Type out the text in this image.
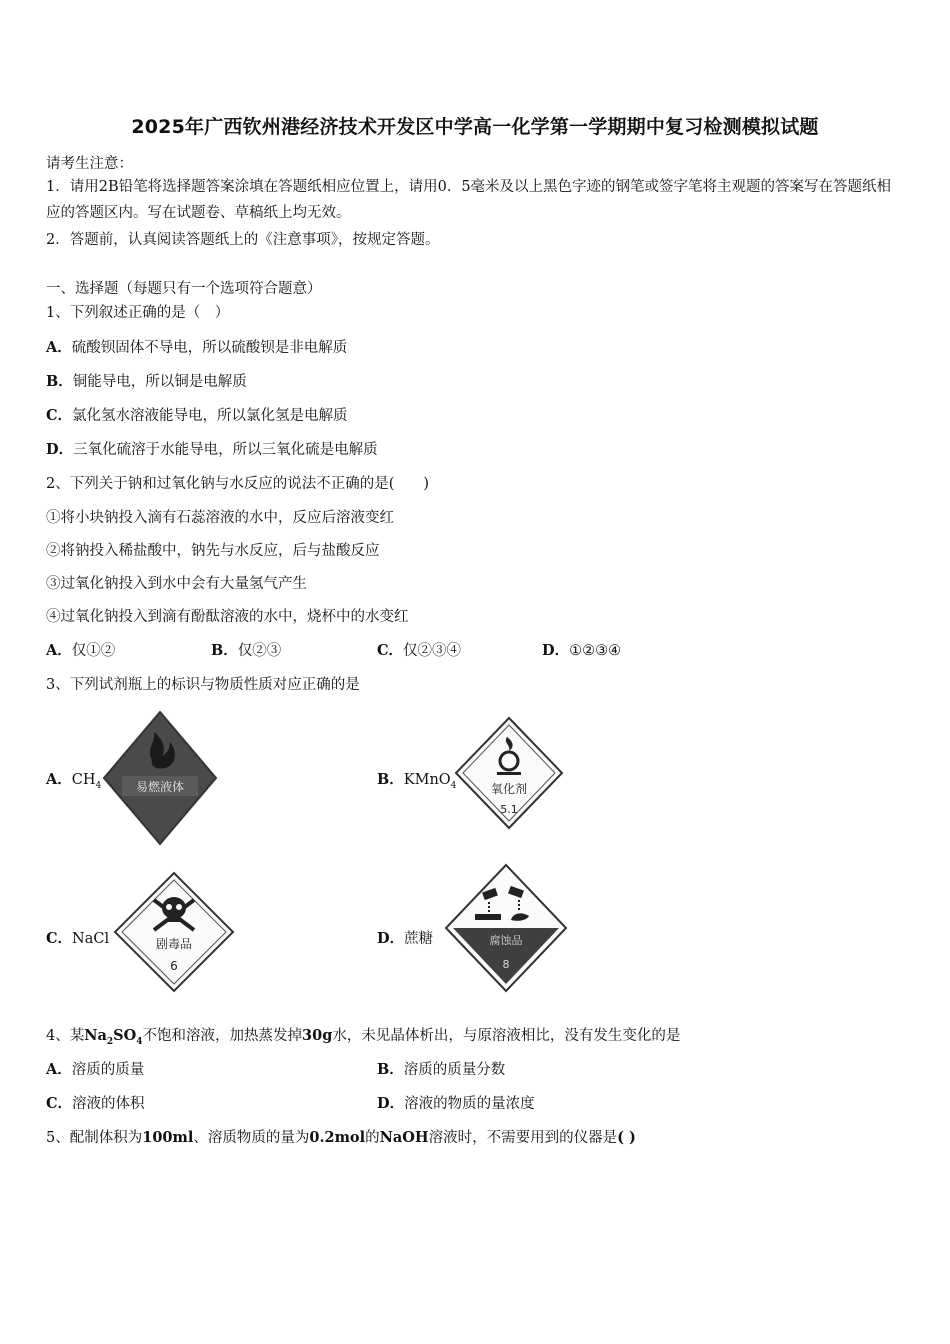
2025年广西钦州港经济技术开发区中学高一化学第一学期期中复习检测模拟试题
请考生注意：
1．请用2B铅笔将选择题答案涂填在答题纸相应位置上，请用0．5毫米及以上黑色字迹的钢笔或签字笔将主观题的答案写在答题纸相应的答题区内。写在试题卷、草稿纸上均无效。
2．答题前，认真阅读答题纸上的《注意事项》，按规定答题。
一、选择题（每题只有一个选项符合题意）
1、下列叙述正确的是（　）
A．硫酸钡固体不导电，所以硫酸钡是非电解质
B．铜能导电，所以铜是电解质
C．氯化氢水溶液能导电，所以氯化氢是电解质
D．三氧化硫溶于水能导电，所以三氧化硫是电解质
2、下列关于钠和过氧化钠与水反应的说法不正确的是(　　)
①将小块钠投入滴有石蕊溶液的水中，反应后溶液变红
②将钠投入稀盐酸中，钠先与水反应，后与盐酸反应
③过氧化钠投入到水中会有大量氢气产生
④过氧化钠投入到滴有酚酞溶液的水中，烧杯中的水变红
A．仅①②	B．仅②③	C．仅②③④	D．①②③④
3、下列试剂瓶上的标识与物质性质对应正确的是
A．$CH_4$	B．KMnO$_4$
C．NaCl	D．蔗糖
易燃液体	氧化剂
5.1
剧毒品
6
腐蚀品
8
4、某$Na_2SO_4$不饱和溶液，加热蒸发掉30g水，未见晶体析出，与原溶液相比，没有发生变化的是
A．溶质的质量	B．溶质的质量分数
C．溶液的体积	D．溶液的物质的量浓度
5、配制体积为100ml、溶质物质的量为0.2mol的NaOH溶液时，不需要用到的仪器是( )
